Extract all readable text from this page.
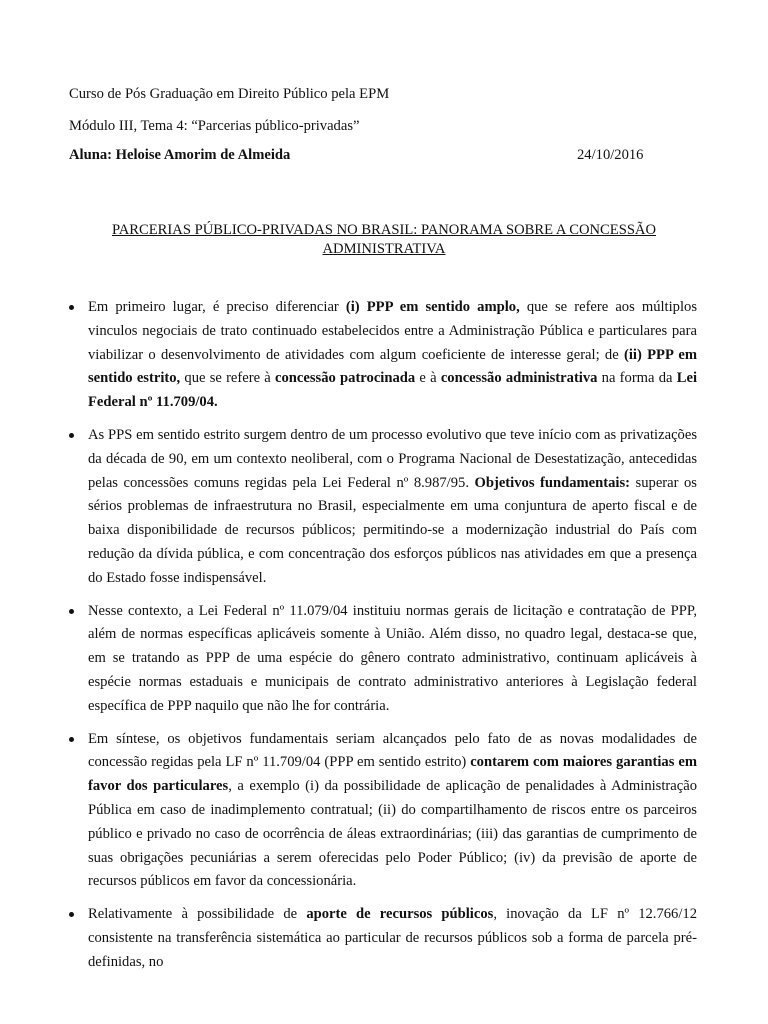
Curso de Pós Graduação em Direito Público pela EPM
Módulo III, Tema 4: “Parcerias público-privadas”
Aluna: Heloise Amorim de Almeida	24/10/2016
PARCERIAS PÚBLICO-PRIVADAS NO BRASIL: PANORAMA SOBRE A CONCESSÃO ADMINISTRATIVA
Em primeiro lugar, é preciso diferenciar (i) PPP em sentido amplo, que se refere aos múltiplos vinculos negociais de trato continuado estabelecidos entre a Administração Pública e particulares para viabilizar o desenvolvimento de atividades com algum coeficiente de interesse geral; de (ii) PPP em sentido estrito, que se refere à concessão patrocinada e à concessão administrativa na forma da Lei Federal nº 11.709/04.
As PPS em sentido estrito surgem dentro de um processo evolutivo que teve início com as privatizações da década de 90, em um contexto neoliberal, com o Programa Nacional de Desestatização, antecedidas pelas concessões comuns regidas pela Lei Federal nº 8.987/95. Objetivos fundamentais: superar os sérios problemas de infraestrutura no Brasil, especialmente em uma conjuntura de aperto fiscal e de baixa disponibilidade de recursos públicos; permitindo-se a modernização industrial do País com redução da dívida pública, e com concentração dos esforços públicos nas atividades em que a presença do Estado fosse indispensável.
Nesse contexto, a Lei Federal nº 11.079/04 instituiu normas gerais de licitação e contratação de PPP, além de normas específicas aplicáveis somente à União. Além disso, no quadro legal, destaca-se que, em se tratando as PPP de uma espécie do gênero contrato administrativo, continuam aplicáveis à espécie normas estaduais e municipais de contrato administrativo anteriores à Legislação federal específica de PPP naquilo que não lhe for contrária.
Em síntese, os objetivos fundamentais seriam alcançados pelo fato de as novas modalidades de concessão regidas pela LF nº 11.709/04 (PPP em sentido estrito) contarem com maiores garantias em favor dos particulares, a exemplo (i) da possibilidade de aplicação de penalidades à Administração Pública em caso de inadimplemento contratual; (ii) do compartilhamento de riscos entre os parceiros público e privado no caso de ocorrência de áleas extraordinárias; (iii) das garantias de cumprimento de suas obrigações pecuniárias a serem oferecidas pelo Poder Público; (iv) da previsão de aporte de recursos públicos em favor da concessionária.
Relativamente à possibilidade de aporte de recursos públicos, inovação da LF nº 12.766/12 consistente na transferência sistemática ao particular de recursos públicos sob a forma de parcela pré-definidas, no
